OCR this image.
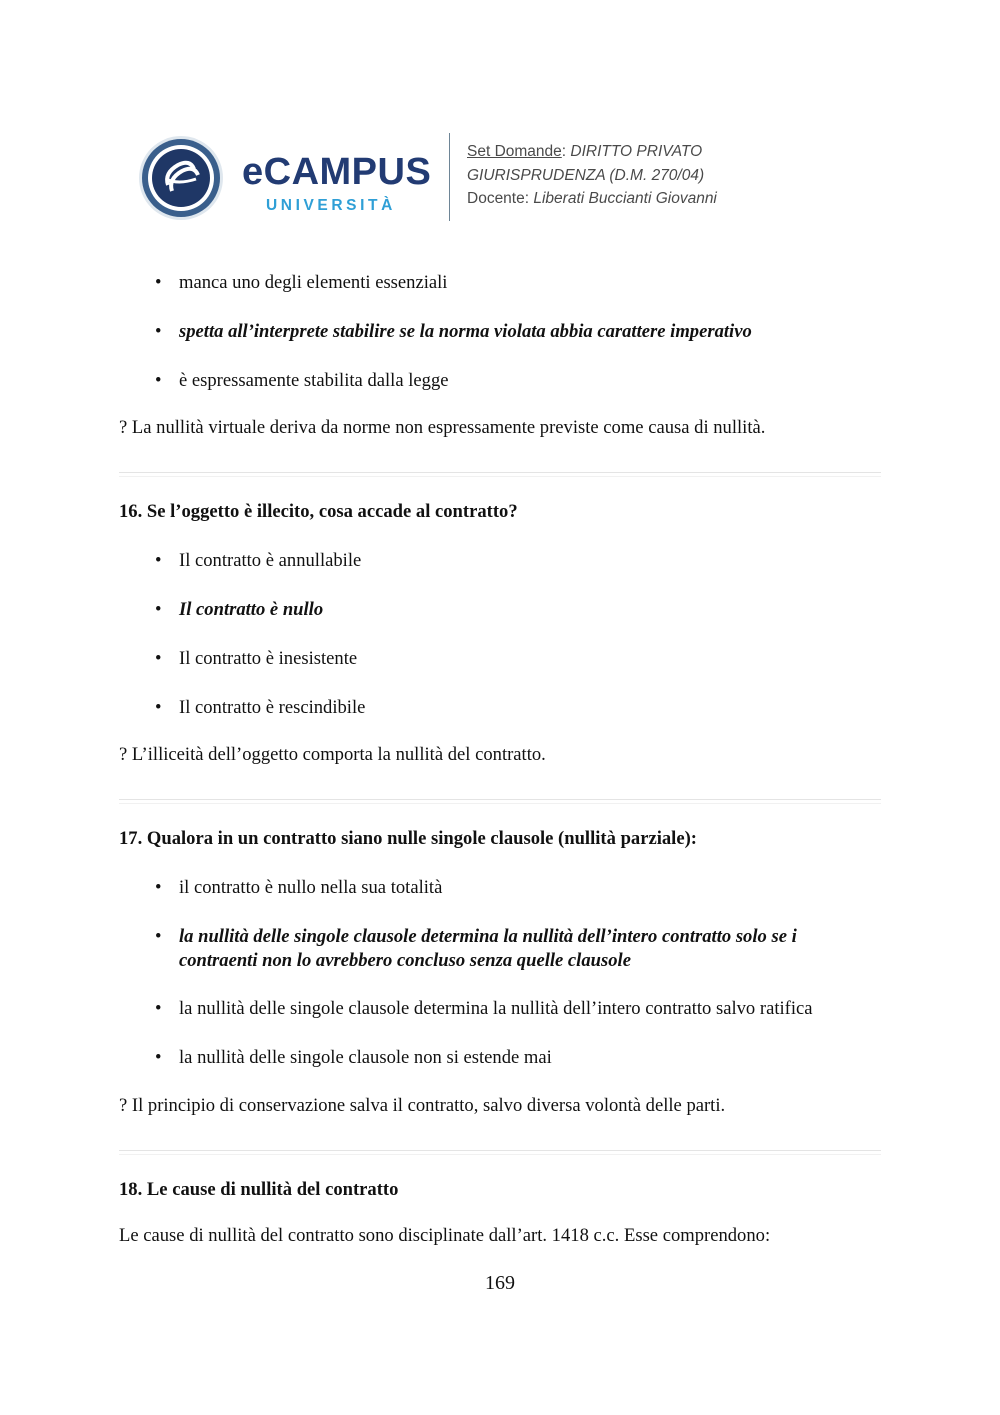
eCAMPUS
UNIVERSITÀ
Set Domande: DIRITTO PRIVATO
GIURISPRUDENZA (D.M. 270/04)
Docente: Liberati Buccianti Giovanni
• manca uno degli elementi essenziali
• spetta all’interprete stabilire se la norma violata abbia carattere imperativo
• è espressamente stabilita dalla legge
? La nullità virtuale deriva da norme non espressamente previste come causa di nullità.
16. Se l’oggetto è illecito, cosa accade al contratto?
• Il contratto è annullabile
• Il contratto è nullo
• Il contratto è inesistente
• Il contratto è rescindibile
? L’illiceità dell’oggetto comporta la nullità del contratto.
17. Qualora in un contratto siano nulle singole clausole (nullità parziale):
• il contratto è nullo nella sua totalità
• la nullità delle singole clausole determina la nullità dell’intero contratto solo se i contraenti non lo avrebbero concluso senza quelle clausole
• la nullità delle singole clausole determina la nullità dell’intero contratto salvo ratifica
• la nullità delle singole clausole non si estende mai
? Il principio di conservazione salva il contratto, salvo diversa volontà delle parti.
18. Le cause di nullità del contratto
Le cause di nullità del contratto sono disciplinate dall’art. 1418 c.c. Esse comprendono:
169
